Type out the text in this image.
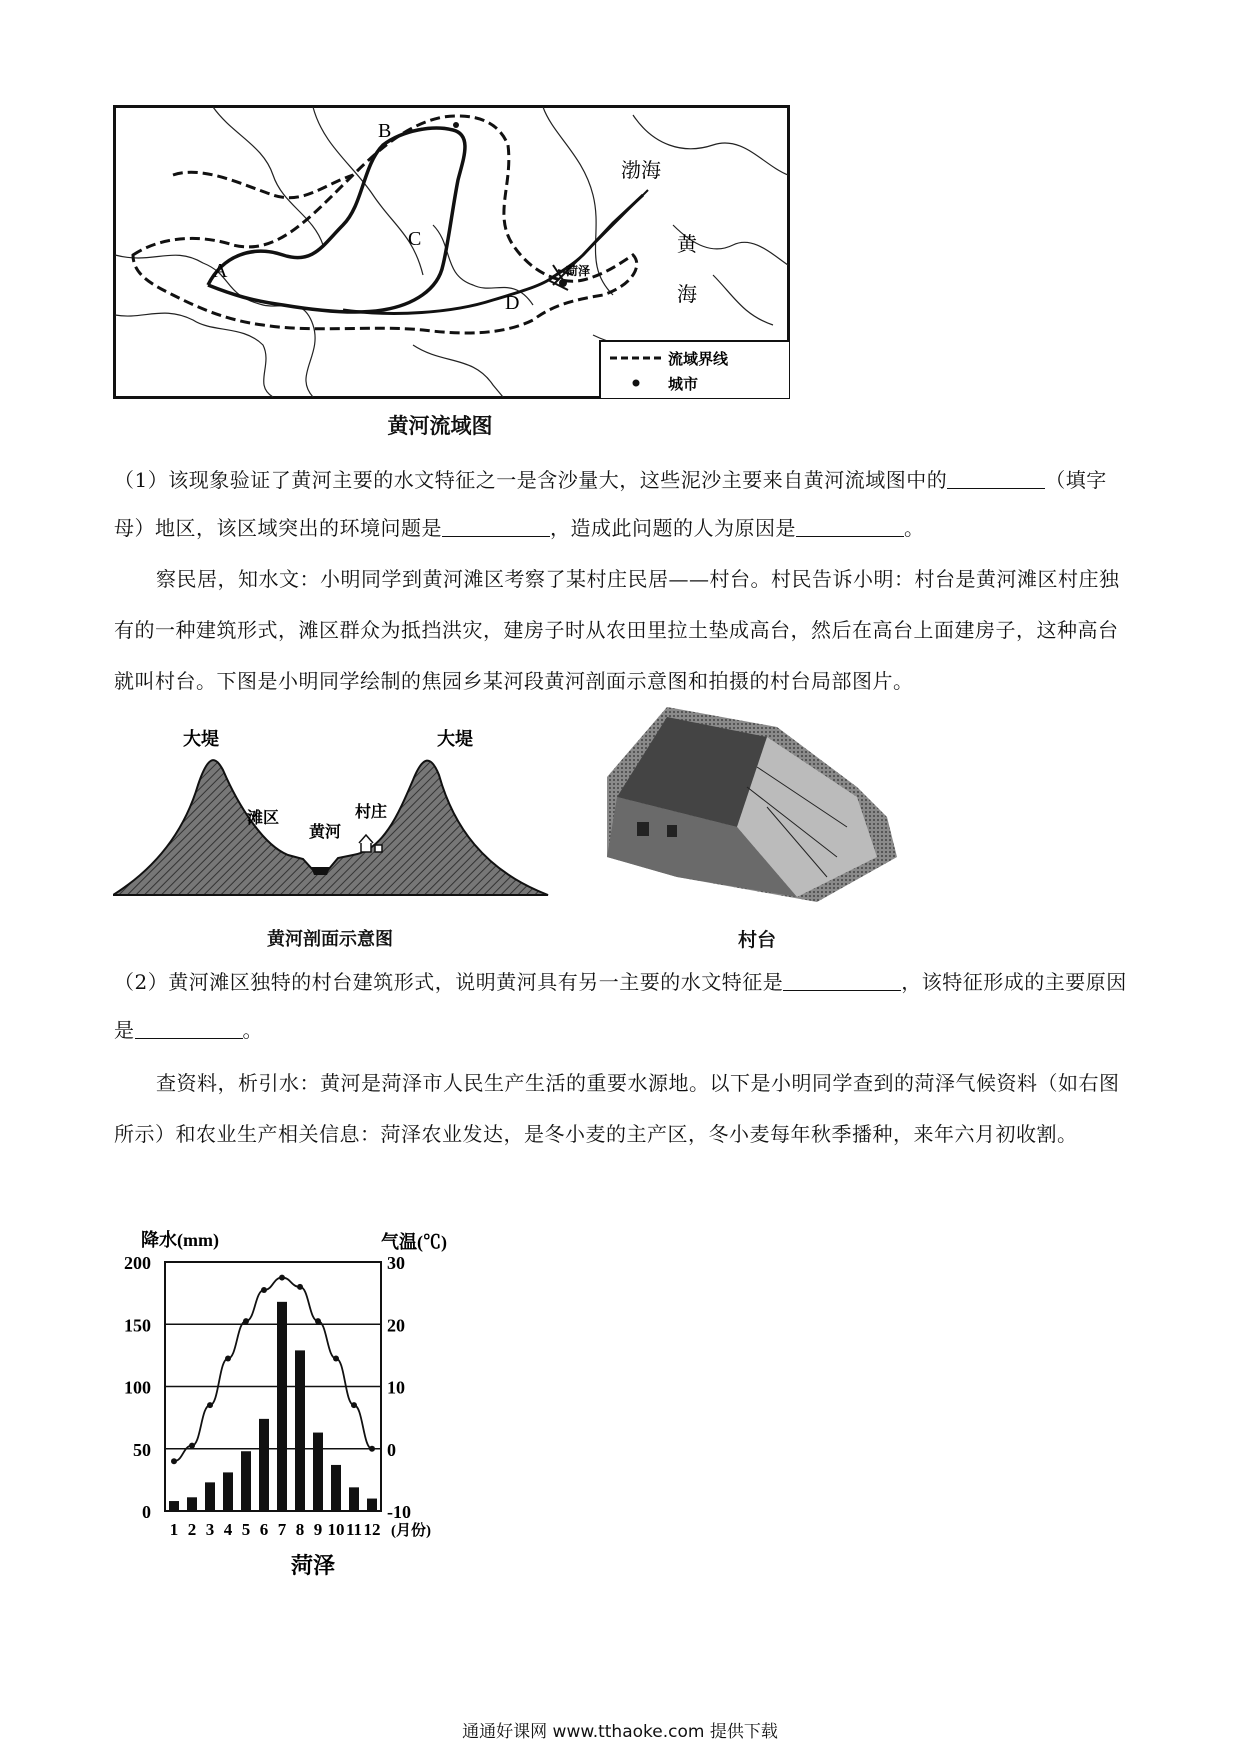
A
B
C
D
渤海
黄
海
菏泽
流域界线
城市
黄河流域图
（1）该现象验证了黄河主要的水文特征之一是含沙量大，这些泥沙主要来自黄河流域图中的	（填字母）地区，该区域突出的环境问题是	，造成此问题的人为原因是	。
察民居，知水文：小明同学到黄河滩区考察了某村庄民居——村台。村民告诉小明：村台是黄河滩区村庄独有的一种建筑形式，滩区群众为抵挡洪灾，建房子时从农田里拉土垫成高台，然后在高台上面建房子，这种高台就叫村台。下图是小明同学绘制的焦园乡某河段黄河剖面示意图和拍摄的村台局部图片。
大堤	大堤
滩区
黄河
村庄
黄河剖面示意图	村台
（2）黄河滩区独特的村台建筑形式，说明黄河具有另一主要的水文特征是	，该特征形成的主要原因是	。
查资料，析引水：黄河是菏泽市人民生产生活的重要水源地。以下是小明同学查到的菏泽气候资料（如右图所示）和农业生产相关信息：菏泽农业发达，是冬小麦的主产区，冬小麦每年秋季播种，来年六月初收割。
降水(mm)	气温(℃)
200
150
100
50
0
30
20
10
0
-10
1 2 3 4 5 6 7 8 9 10 11 12 (月份)
菏泽
通通好课网 www.tthaoke.com 提供下载
